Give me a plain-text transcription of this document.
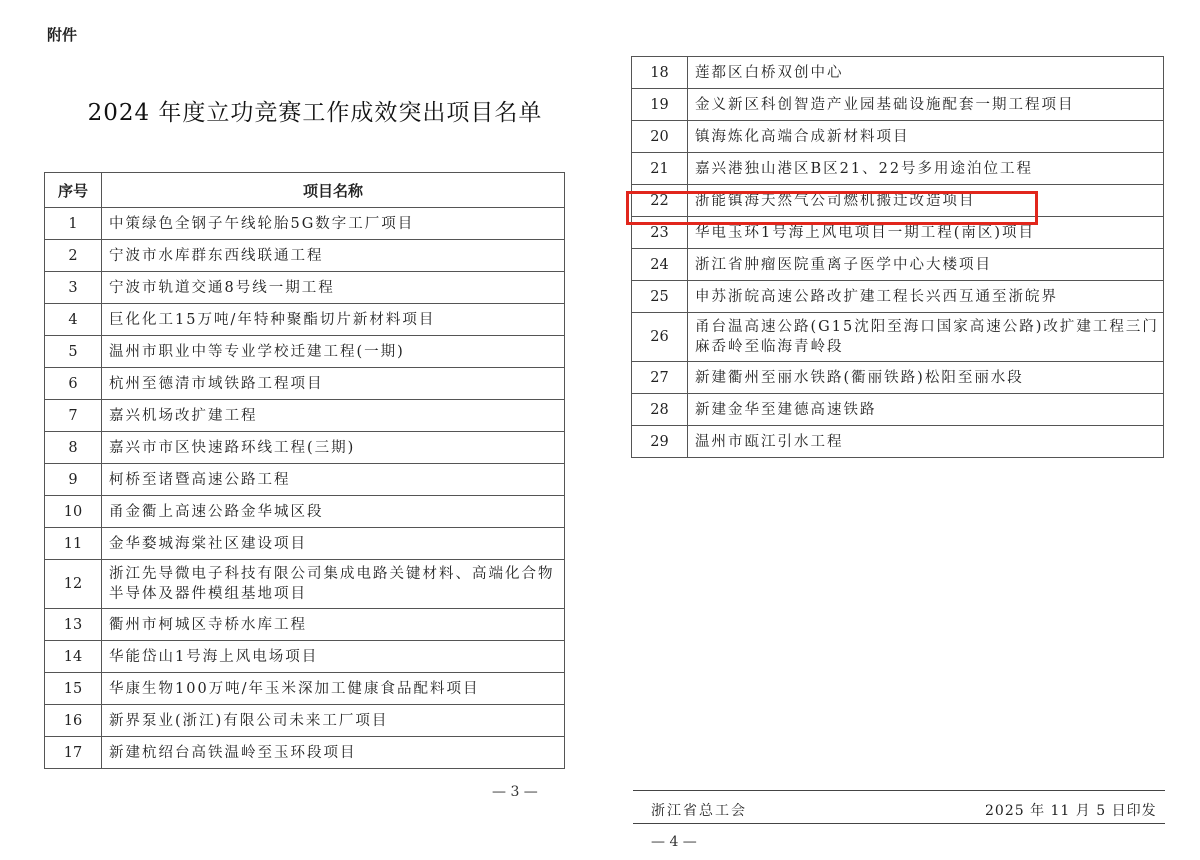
附件
2024 年度立功竞赛工作成效突出项目名单
序号	项目名称
1	中策绿色全钢子午线轮胎5G数字工厂项目
2	宁波市水库群东西线联通工程
3	宁波市轨道交通8号线一期工程
4	巨化化工15万吨/年特种聚酯切片新材料项目
5	温州市职业中等专业学校迁建工程(一期)
6	杭州至德清市域铁路工程项目
7	嘉兴机场改扩建工程
8	嘉兴市市区快速路环线工程(三期)
9	柯桥至诸暨高速公路工程
10	甬金衢上高速公路金华城区段
11	金华婺城海棠社区建设项目
12	浙江先导微电子科技有限公司集成电路关键材料、高端化合物半导体及器件模组基地项目
13	衢州市柯城区寺桥水库工程
14	华能岱山1号海上风电场项目
15	华康生物100万吨/年玉米深加工健康食品配料项目
16	新界泵业(浙江)有限公司未来工厂项目
17	新建杭绍台高铁温岭至玉环段项目
18	莲都区白桥双创中心
19	金义新区科创智造产业园基础设施配套一期工程项目
20	镇海炼化高端合成新材料项目
21	嘉兴港独山港区B区21、22号多用途泊位工程
22	浙能镇海天然气公司燃机搬迁改造项目
23	华电玉环1号海上风电项目一期工程(南区)项目
24	浙江省肿瘤医院重离子医学中心大楼项目
25	申苏浙皖高速公路改扩建工程长兴西互通至浙皖界
26	甬台温高速公路(G15沈阳至海口国家高速公路)改扩建工程三门麻岙岭至临海青岭段
27	新建衢州至丽水铁路(衢丽铁路)松阳至丽水段
28	新建金华至建德高速铁路
29	温州市瓯江引水工程
— 3 —
浙江省总工会	2025 年 11 月 5 日印发
— 4 —
